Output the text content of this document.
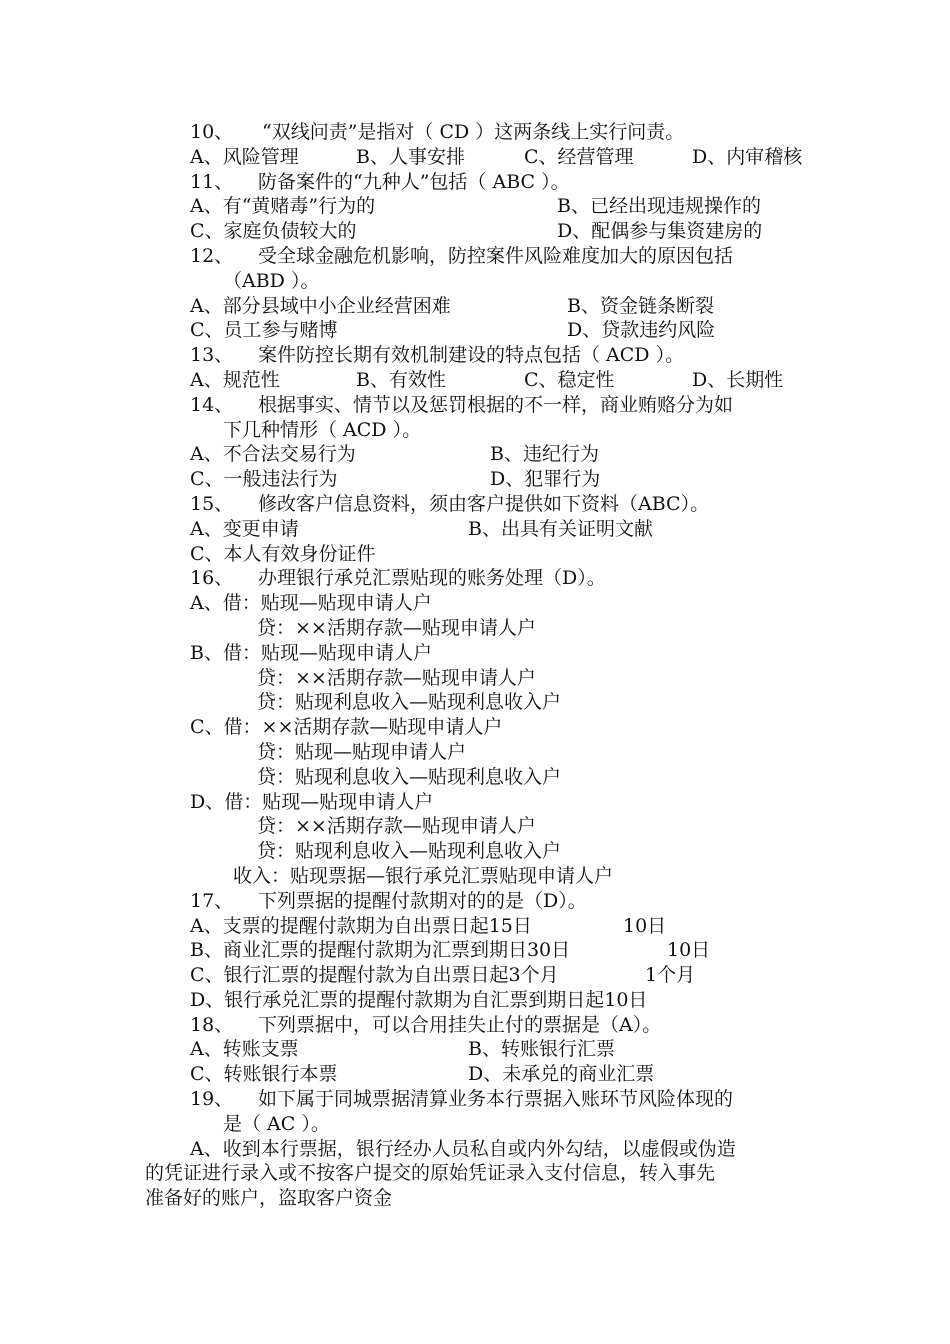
10、

“双线问责”是指对（ CD ）这两条线上实行问责。

A、风险管理

	B、人事安排

	C、经营管理

	D、内审稽核

11、

防备案件的“九种人”包括（ ABC ）。

A、有“黄赌毒”行为的

	B、已经出现违规操作的

C、家庭负债较大的

	D、配偶参与集资建房的

12、

受全球金融危机影响，防控案件风险难度加大的原因包括

（ABD ）。

A、部分县域中小企业经营困难

	B、资金链条断裂

C、员工参与赌博

	D、贷款违约风险

13、

案件防控长期有效机制建设的特点包括（ ACD ）。

A、规范性

	B、有效性

	C、稳定性

	D、长期性

14、

根据事实、情节以及惩罚根据的不一样，商业贿赂分为如

下几种情形（ ACD ）。

A、不合法交易行为

	B、违纪行为

C、一般违法行为

	D、犯罪行为

15、

修改客户信息资料，须由客户提供如下资料（ABC）。

A、变更申请

	B、出具有关证明文献

C、本人有效身份证件

16、

办理银行承兑汇票贴现的账务处理（D）。

A、借：贴现—贴现申请人户
贷：××活期存款—贴现申请人户
B、借：贴现—贴现申请人户
贷：××活期存款—贴现申请人户
贷：贴现利息收入—贴现利息收入户
C、借：××活期存款—贴现申请人户
贷：贴现—贴现申请人户
贷：贴现利息收入—贴现利息收入户
D、借：贴现—贴现申请人户
贷：××活期存款—贴现申请人户
贷：贴现利息收入—贴现利息收入户
收入：贴现票据—银行承兑汇票贴现申请人户

17、

下列票据的提醒付款期对的的是（D）。

A、支票的提醒付款期为自出票日起15日

	10日

B、商业汇票的提醒付款期为汇票到期日30日

	10日

C、银行汇票的提醒付款为自出票日起3个月

	1个月

D、银行承兑汇票的提醒付款期为自汇票到期日起10日

18、

下列票据中，可以合用挂失止付的票据是（A）。

A、转账支票

	B、转账银行汇票

C、转账银行本票

	D、未承兑的商业汇票

19、

如下属于同城票据清算业务本行票据入账环节风险体现的

是（ AC ）。

A、收到本行票据，银行经办人员私自或内外勾结，以虚假或伪造

的凭证进行录入或不按客户提交的原始凭证录入支付信息，转入事先

准备好的账户，盗取客户资金
